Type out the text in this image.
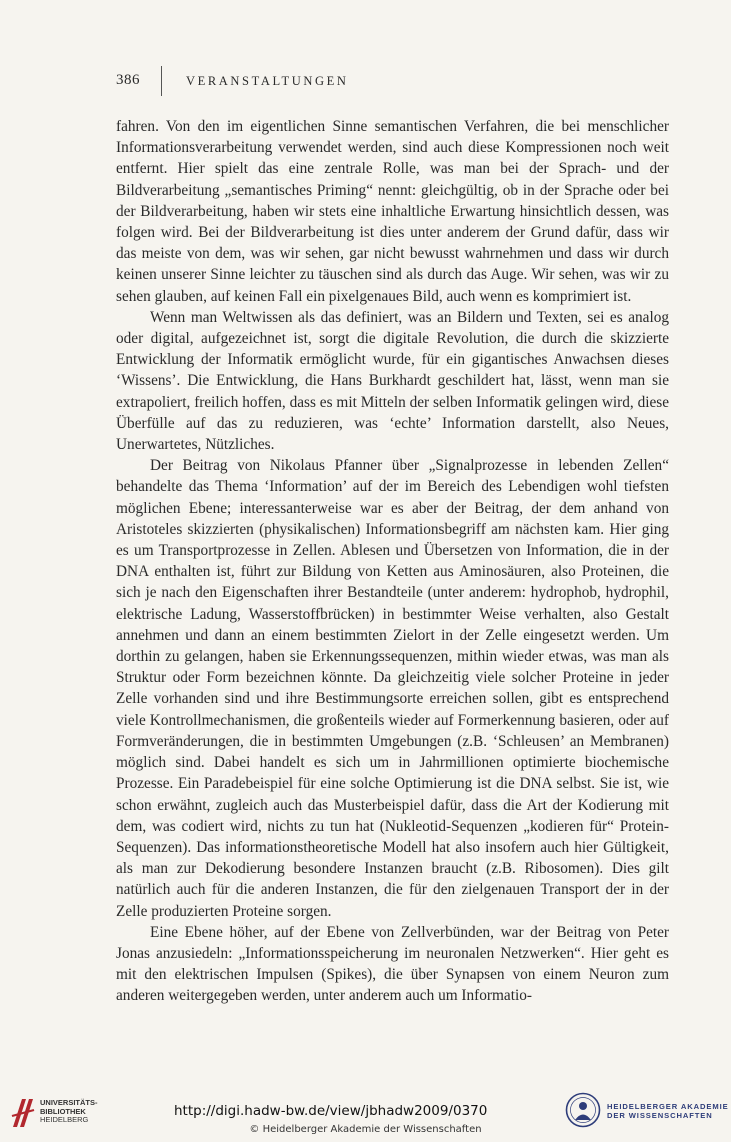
386	VERANSTALTUNGEN

fahren. Von den im eigentlichen Sinne semantischen Verfahren, die bei menschlicher Informationsverarbeitung verwendet werden, sind auch diese Kompressionen noch weit entfernt. Hier spielt das eine zentrale Rolle, was man bei der Sprach- und der Bildverarbeitung „semantisches Priming“ nennt: gleichgültig, ob in der Sprache oder bei der Bildverarbeitung, haben wir stets eine inhaltliche Erwartung hinsichtlich dessen, was folgen wird. Bei der Bildverarbeitung ist dies unter anderem der Grund dafür, dass wir das meiste von dem, was wir sehen, gar nicht bewusst wahrnehmen und dass wir durch keinen unserer Sinne leichter zu täuschen sind als durch das Auge. Wir sehen, was wir zu sehen glauben, auf keinen Fall ein pixelgenaues Bild, auch wenn es komprimiert ist.

Wenn man Weltwissen als das definiert, was an Bildern und Texten, sei es analog oder digital, aufgezeichnet ist, sorgt die digitale Revolution, die durch die skizzierte Entwicklung der Informatik ermöglicht wurde, für ein gigantisches Anwachsen dieses ‘Wissens’. Die Entwicklung, die Hans Burkhardt geschildert hat, lässt, wenn man sie extrapoliert, freilich hoffen, dass es mit Mitteln der selben Informatik gelingen wird, diese Überfülle auf das zu reduzieren, was ‘echte’ Information darstellt, also Neues, Unerwartetes, Nützliches.

Der Beitrag von Nikolaus Pfanner über „Signalprozesse in lebenden Zellen“ behandelte das Thema ‘Information’ auf der im Bereich des Lebendigen wohl tiefsten möglichen Ebene; interessanterweise war es aber der Beitrag, der dem anhand von Aristoteles skizzierten (physikalischen) Informationsbegriff am nächsten kam. Hier ging es um Transportprozesse in Zellen. Ablesen und Übersetzen von Information, die in der DNA enthalten ist, führt zur Bildung von Ketten aus Aminosäuren, also Proteinen, die sich je nach den Eigenschaften ihrer Bestandteile (unter anderem: hydrophob, hydrophil, elektrische Ladung, Wasserstoffbrücken) in bestimmter Weise verhalten, also Gestalt annehmen und dann an einem bestimmten Zielort in der Zelle eingesetzt werden. Um dorthin zu gelangen, haben sie Erkennungssequenzen, mithin wieder etwas, was man als Struktur oder Form bezeichnen könnte. Da gleichzeitig viele solcher Proteine in jeder Zelle vorhanden sind und ihre Bestimmungsorte erreichen sollen, gibt es entsprechend viele Kontrollmechanismen, die großenteils wieder auf Formerkennung basieren, oder auf Formveränderungen, die in bestimmten Umgebungen (z.B. ‘Schleusen’ an Membranen) möglich sind. Dabei handelt es sich um in Jahrmillionen optimierte biochemische Prozesse. Ein Paradebeispiel für eine solche Optimierung ist die DNA selbst. Sie ist, wie schon erwähnt, zugleich auch das Musterbeispiel dafür, dass die Art der Kodierung mit dem, was codiert wird, nichts zu tun hat (Nukleotid-Sequenzen „kodieren für“ Protein-Sequenzen). Das informationstheoretische Modell hat also insofern auch hier Gültigkeit, als man zur Dekodierung besondere Instanzen braucht (z.B. Ribosomen). Dies gilt natürlich auch für die anderen Instanzen, die für den zielgenauen Transport der in der Zelle produzierten Proteine sorgen.

Eine Ebene höher, auf der Ebene von Zellverbünden, war der Beitrag von Peter Jonas anzusiedeln: „Informationsspeicherung im neuronalen Netzwerken“. Hier geht es mit den elektrischen Impulsen (Spikes), die über Synapsen von einem Neuron zum anderen weitergegeben werden, unter anderem auch um Informatio-

UNIVERSITÄTS-
BIBLIOTHEK
HEIDELBERG
http://digi.hadw-bw.de/view/jbhadw2009/0370
© Heidelberger Akademie der Wissenschaften
HEIDELBERGER AKADEMIE
DER WISSENSCHAFTEN
